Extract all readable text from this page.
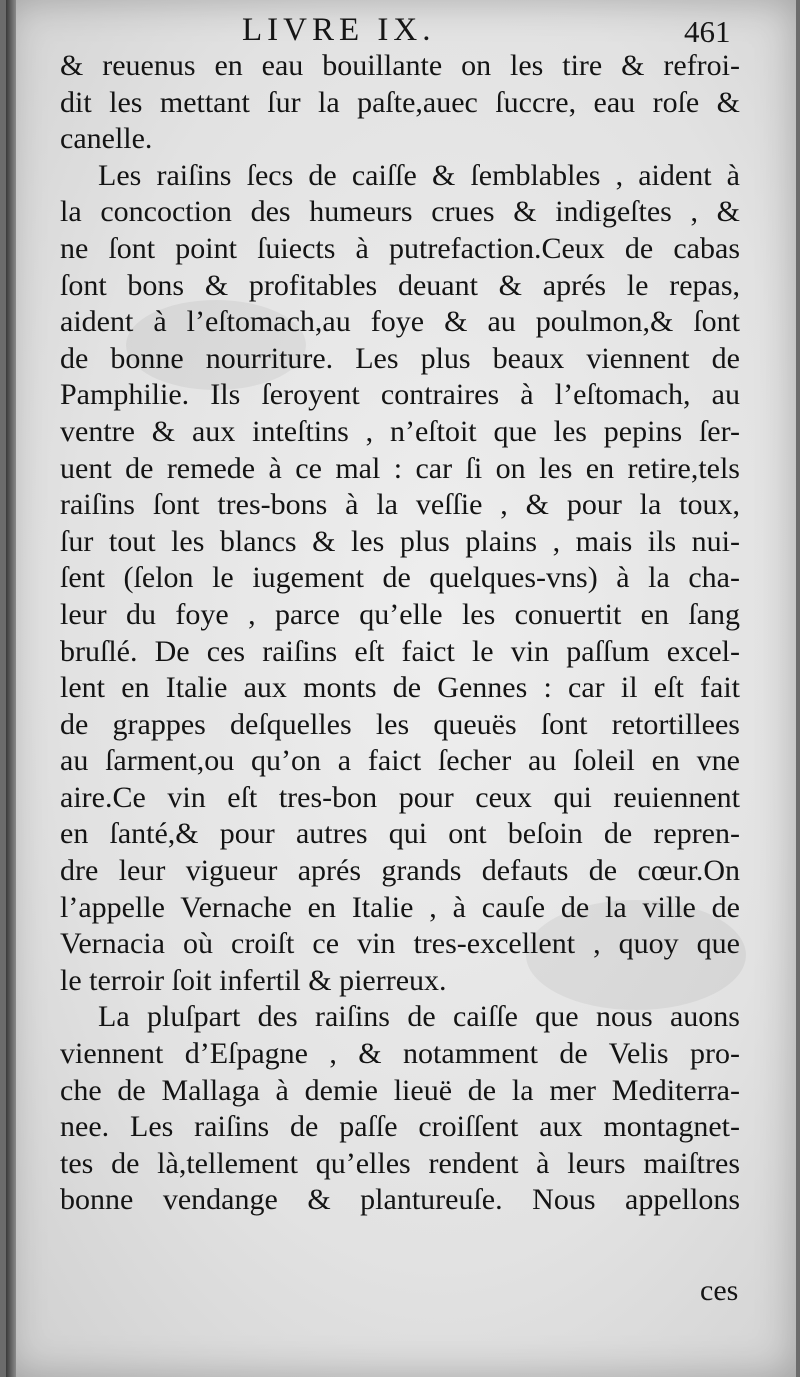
LIVRE IX.	461
& reuenus en eau bouillante on les tire & refroi-
dit les mettant ſur la paſte,auec ſuccre, eau roſe &
canelle.
Les raiſins ſecs de caiſſe & ſemblables , aident à
la concoction des humeurs crues & indigeſtes , &
ne ſont point ſuiects à putrefaction.Ceux de cabas
ſont bons & profitables deuant & aprés le repas,
aident à l’eſtomach,au foye & au poulmon,& ſont
de bonne nourriture. Les plus beaux viennent de
Pamphilie. Ils ſeroyent contraires à l’eſtomach, au
ventre & aux inteſtins , n’eſtoit que les pepins ſer-
uent de remede à ce mal : car ſi on les en retire,tels
raiſins ſont tres-bons à la veſſie , & pour la toux,
ſur tout les blancs & les plus plains , mais ils nui-
ſent (ſelon le iugement de quelques-vns) à la cha-
leur du foye , parce qu’elle les conuertit en ſang
bruſlé. De ces raiſins eſt faict le vin paſſum excel-
lent en Italie aux monts de Gennes : car il eſt fait
de grappes deſquelles les queuës ſont retortillees
au ſarment,ou qu’on a faict ſecher au ſoleil en vne
aire.Ce vin eſt tres-bon pour ceux qui reuiennent
en ſanté,& pour autres qui ont beſoin de repren-
dre leur vigueur aprés grands defauts de cœur.On
l’appelle Vernache en Italie , à cauſe de la ville de
Vernacia où croiſt ce vin tres-excellent , quoy que
le terroir ſoit infertil & pierreux.
La pluſpart des raiſins de caiſſe que nous auons
viennent d’Eſpagne , & notamment de Velis pro-
che de Mallaga à demie lieuë de la mer Mediterra-
nee. Les raiſins de paſſe croiſſent aux montagnet-
tes de là,tellement qu’elles rendent à leurs maiſtres
bonne vendange & plantureuſe. Nous appellons
ces
